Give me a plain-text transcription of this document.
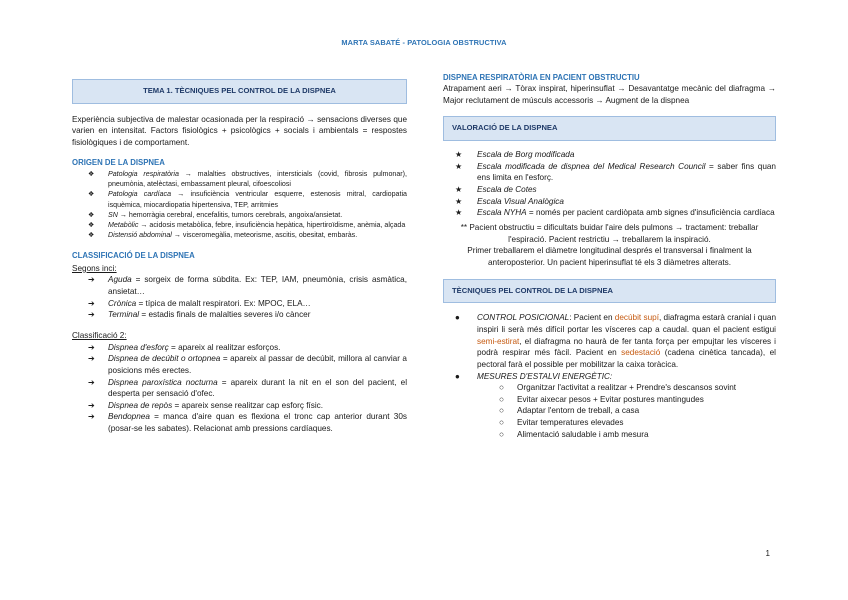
MARTA SABATÉ - PATOLOGIA OBSTRUCTIVA
TEMA 1. TÈCNIQUES PEL CONTROL DE LA DISPNEA

Experiència subjectiva de malestar ocasionada per la respiració → sensacions diverses que varien en intensitat. Factors fisiològics + psicològics + socials i ambientals = respostes fisiològiques i de comportament.

ORIGEN DE LA DISPNEA
❖	Patologia respiratòria → malalties obstructives, intersticials (covid, fibrosis pulmonar), pneumònia, atelèctasi, embassament pleural, cifoescoliosi
❖	Patologia cardíaca → insuficiència ventricular esquerre, estenosis mitral, cardiopatia isquèmica, miocardiopatia hipertensiva, TEP, arritmies
❖	SN → hemorràgia cerebral, encefalitis, tumors cerebrals, angoixa/ansietat.
❖	Metabòlic → acidosis metabòlica, febre, insuficiència hepàtica, hipertiroïdisme, anèmia, alçada
❖	Distensió abdominal → visceromegàlia, meteorisme, ascitis, obesitat, embaràs.
CLASSIFICACIÓ DE LA DISPNEA
Segons inci:
➔	Aguda = sorgeix de forma sùbdita. Ex: TEP, IAM, pneumònia, crisis asmàtica, ansietat…
➔	Crònica = típica de malalt respiratori. Ex: MPOC, ELA…
➔	Terminal = estadis finals de malalties severes i/o càncer
Classificació 2:
➔	Dispnea d'esforç = apareix al realitzar esforços.
➔	Dispnea de decúbit o ortopnea = apareix al passar de decúbit, millora al canviar a posicions més erectes.
➔	Dispnea paroxística nocturna = apareix durant la nit en el son del pacient, el desperta per sensació d'ofec.
➔	Dispnea de repòs = apareix sense realitzar cap esforç físic.
➔	Bendopnea = manca d'aire quan es flexiona el tronc cap anterior durant 30s (posar-se les sabates). Relacionat amb pressions cardíaques.
DISPNEA RESPIRATÒRIA EN PACIENT OBSTRUCTIU

Atrapament aeri → Tòrax inspirat, hiperinsuflat → Desavantatge mecànic del diafragma → Major reclutament de músculs accessoris → Augment de la dispnea

VALORACIÓ DE LA DISPNEA
★	Escala de Borg modificada
★	Escala modificada de dispnea del Medical Research Council = saber fins quan ens limita en l'esforç.
★	Escala de Cotes
★	Escala Visual Analògica
★	Escala NYHA = només per pacient cardiòpata amb signes d'insuficiència cardíaca

** Pacient obstructiu = dificultats buidar l'aire dels pulmons → tractament: treballar l'espiració. Pacient restrictiu → treballarem la inspiració.

Primer treballarem el diàmetre longitudinal després el transversal i finalment la anteroposterior. Un pacient hiperinsuflat té els 3 diàmetres alterats.

TÈCNIQUES PEL CONTROL DE LA DISPNEA
●	CONTROL POSICIONAL: Pacient en decúbit supí, diafragma estarà cranial i quan inspiri li serà més difícil portar les vísceres cap a caudal. quan el pacient estigui semi-estirat, el diafragma no haurà de fer tanta força per empujtar les vísceres i podrà respirar més fàcil. Pacient en sedestació (cadena cinètica tancada), el pectoral farà el possible per mobilitzar la caixa toràcica.
●	MESURES D'ESTALVI ENERGÈTIC:
○	Organitzar l'activitat a realitzar + Prendre's descansos sovint
○	Evitar aixecar pesos + Evitar postures mantingudes
○	Adaptar l'entorn de treball, a casa
○	Evitar temperatures elevades
○	Alimentació saludable i amb mesura
1
